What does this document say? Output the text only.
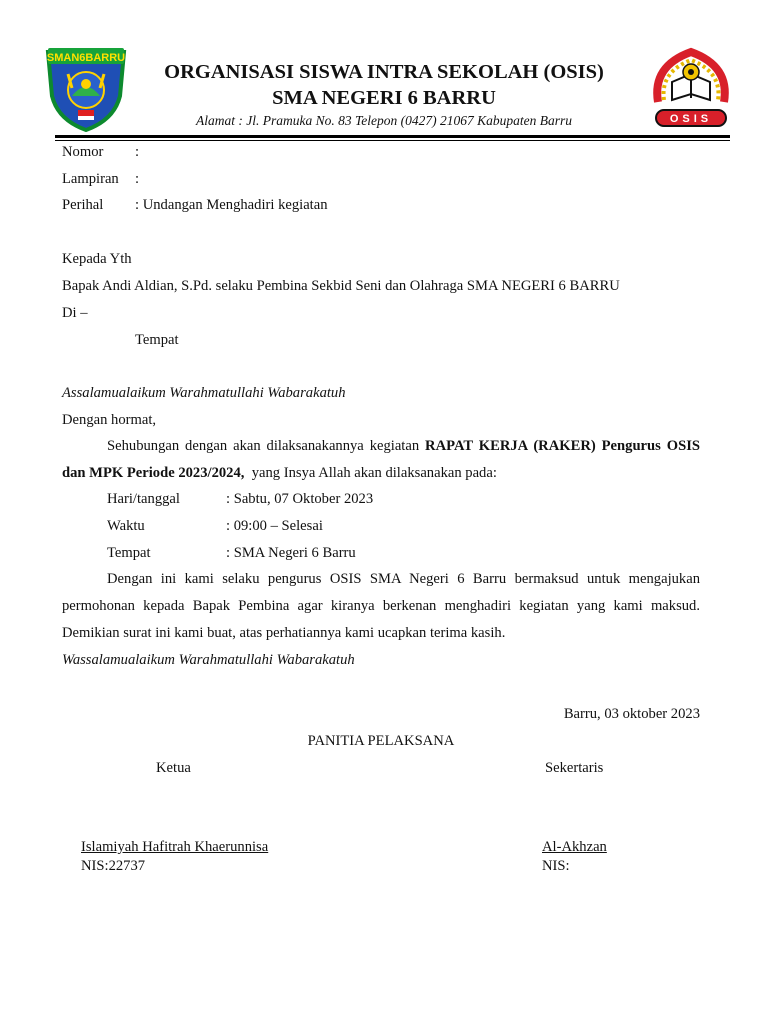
SMAN6BARRU
OSIS
ORGANISASI SISWA INTRA SEKOLAH (OSIS)
SMA NEGERI 6 BARRU
Alamat : Jl. Pramuka No. 83 Telepon (0427) 21067 Kabupaten Barru
Nomor :
Lampiran :
Perihal : Undangan Menghadiri kegiatan
Kepada Yth
Bapak Andi Aldian, S.Pd. selaku Pembina Sekbid Seni dan Olahraga SMA NEGERI 6 BARRU
Di –
Tempat
Assalamualaikum Warahmatullahi Wabarakatuh
Dengan hormat,
Sehubungan dengan akan dilaksanakannya kegiatan RAPAT KERJA (RAKER) Pengurus OSIS
dan MPK Periode 2023/2024,  yang Insya Allah akan dilaksanakan pada:
Hari/tanggal	: Sabtu, 07 Oktober 2023
Waktu	: 09:00 – Selesai
Tempat	: SMA Negeri 6 Barru
Dengan ini kami selaku pengurus OSIS SMA Negeri 6 Barru bermaksud untuk mengajukan permohonan kepada Bapak Pembina agar kiranya berkenan menghadiri kegiatan yang kami maksud. Demikian surat ini kami buat, atas perhatiannya kami ucapkan terima kasih.
Wassalamualaikum Warahmatullahi Wabarakatuh
Barru, 03 oktober 2023
PANITIA PELAKSANA
Ketua	Sekertaris
Islamiyah Hafitrah Khaerunnisa
NIS:22737
Al-Akhzan
NIS:
